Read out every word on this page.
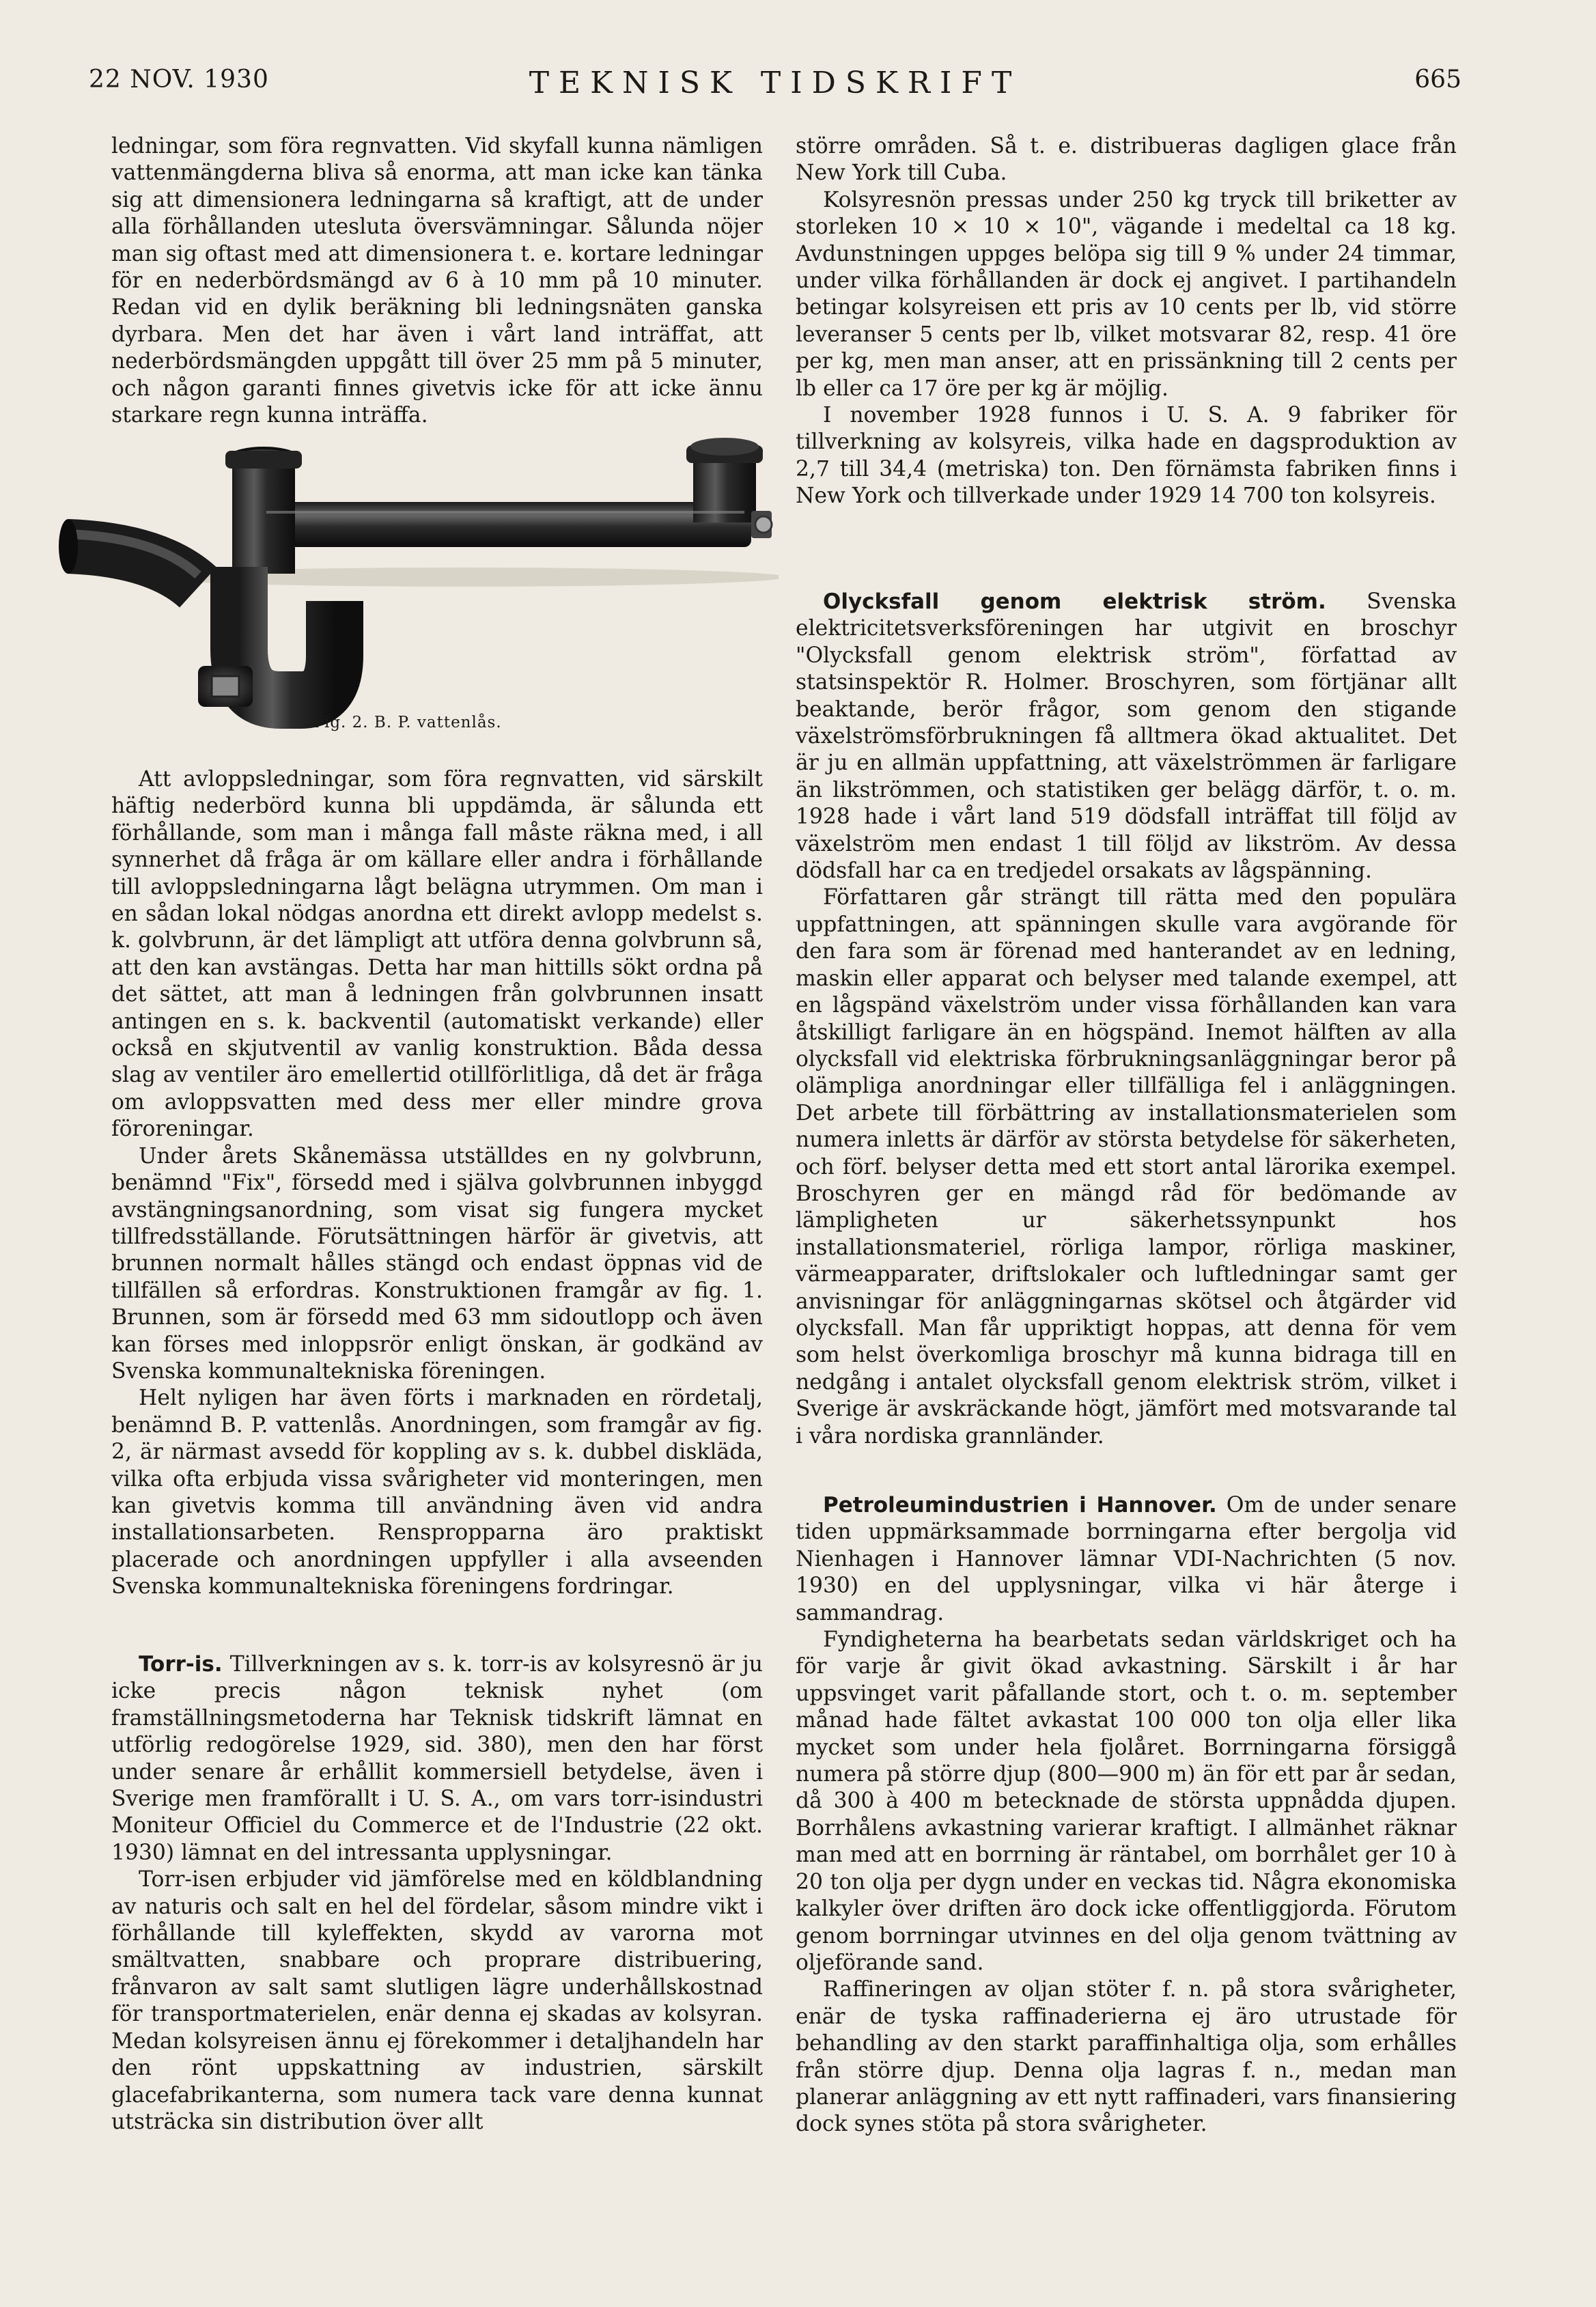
22 NOV. 1930	TEKNISK TIDSKRIFT	665

ledningar, som föra regnvatten. Vid skyfall kunna nämligen vattenmängderna bliva så enorma, att man icke kan tänka sig att dimensionera ledningarna så kraftigt, att de under alla förhållanden utesluta översvämningar. Sålunda nöjer man sig oftast med att dimensionera t. e. kortare ledningar för en nederbördsmängd av 6 à 10 mm på 10 minuter. Redan vid en dylik beräkning bli ledningsnäten ganska dyrbara. Men det har även i vårt land inträffat, att nederbördsmängden uppgått till över 25 mm på 5 minuter, och någon garanti finnes givetvis icke för att icke ännu starkare regn kunna inträffa.

Fig. 2. B. P. vattenlås.

Att avloppsledningar, som föra regnvatten, vid särskilt häftig nederbörd kunna bli uppdämda, är sålunda ett förhållande, som man i många fall måste räkna med, i all synnerhet då fråga är om källare eller andra i förhållande till avloppsledningarna lågt belägna utrymmen. Om man i en sådan lokal nödgas anordna ett direkt avlopp medelst s. k. golvbrunn, är det lämpligt att utföra denna golvbrunn så, att den kan avstängas. Detta har man hittills sökt ordna på det sättet, att man å ledningen från golvbrunnen insatt antingen en s. k. backventil (automatiskt verkande) eller också en skjutventil av vanlig konstruktion. Båda dessa slag av ventiler äro emellertid otillförlitliga, då det är fråga om avloppsvatten med dess mer eller mindre grova föroreningar.

Under årets Skånemässa utställdes en ny golvbrunn, benämnd "Fix", försedd med i själva golvbrunnen inbyggd avstängningsanordning, som visat sig fungera mycket tillfredsställande. Förutsättningen härför är givetvis, att brunnen normalt hålles stängd och endast öppnas vid de tillfällen så erfordras. Konstruktionen framgår av fig. 1. Brunnen, som är försedd med 63 mm sidoutlopp och även kan förses med inloppsrör enligt önskan, är godkänd av Svenska kommunaltekniska föreningen.

Helt nyligen har även förts i marknaden en rördetalj, benämnd B. P. vattenlås. Anordningen, som framgår av fig. 2, är närmast avsedd för koppling av s. k. dubbel diskläda, vilka ofta erbjuda vissa svårigheter vid monteringen, men kan givetvis komma till användning även vid andra installationsarbeten. Renspropparna äro praktiskt placerade och anordningen uppfyller i alla avseenden Svenska kommunaltekniska föreningens fordringar.

Torr-is. Tillverkningen av s. k. torr-is av kolsyresnö är ju icke precis någon teknisk nyhet (om framställningsmetoderna har Teknisk tidskrift lämnat en utförlig redogörelse 1929, sid. 380), men den har först under senare år erhållit kommersiell betydelse, även i Sverige men framförallt i U. S. A., om vars torr-isindustri Moniteur Officiel du Commerce et de l'Industrie (22 okt. 1930) lämnat en del intressanta upplysningar.

Torr-isen erbjuder vid jämförelse med en köldblandning av naturis och salt en hel del fördelar, såsom mindre vikt i förhållande till kyleffekten, skydd av varorna mot smältvatten, snabbare och proprare distribuering, frånvaron av salt samt slutligen lägre underhållskostnad för transportmaterielen, enär denna ej skadas av kolsyran. Medan kolsyreisen ännu ej förekommer i detaljhandeln har den rönt uppskattning av industrien, särskilt glacefabrikanterna, som numera tack vare denna kunnat utsträcka sin distribution över allt

större områden. Så t. e. distribueras dagligen glace från New York till Cuba.

Kolsyresnön pressas under 250 kg tryck till briketter av storleken 10 × 10 × 10", vägande i medeltal ca 18 kg. Avdunstningen uppges belöpa sig till 9 % under 24 timmar, under vilka förhållanden är dock ej angivet. I partihandeln betingar kolsyreisen ett pris av 10 cents per lb, vid större leveranser 5 cents per lb, vilket motsvarar 82, resp. 41 öre per kg, men man anser, att en prissänkning till 2 cents per lb eller ca 17 öre per kg är möjlig.

I november 1928 funnos i U. S. A. 9 fabriker för tillverkning av kolsyreis, vilka hade en dagsproduktion av 2,7 till 34,4 (metriska) ton. Den förnämsta fabriken finns i New York och tillverkade under 1929 14 700 ton kolsyreis.

Olycksfall genom elektrisk ström. Svenska elektricitetsverksföreningen har utgivit en broschyr "Olycksfall genom elektrisk ström", författad av statsinspektör R. Holmer. Broschyren, som förtjänar allt beaktande, berör frågor, som genom den stigande växelströmsförbrukningen få alltmera ökad aktualitet. Det är ju en allmän uppfattning, att växelströmmen är farligare än likströmmen, och statistiken ger belägg därför, t. o. m. 1928 hade i vårt land 519 dödsfall inträffat till följd av växelström men endast 1 till följd av likström. Av dessa dödsfall har ca en tredjedel orsakats av lågspänning.

Författaren går strängt till rätta med den populära uppfattningen, att spänningen skulle vara avgörande för den fara som är förenad med hanterandet av en ledning, maskin eller apparat och belyser med talande exempel, att en lågspänd växelström under vissa förhållanden kan vara åtskilligt farligare än en högspänd. Inemot hälften av alla olycksfall vid elektriska förbrukningsanläggningar beror på olämpliga anordningar eller tillfälliga fel i anläggningen. Det arbete till förbättring av installationsmaterielen som numera inletts är därför av största betydelse för säkerheten, och förf. belyser detta med ett stort antal lärorika exempel. Broschyren ger en mängd råd för bedömande av lämpligheten ur säkerhetssynpunkt hos installationsmateriel, rörliga lampor, rörliga maskiner, värmeapparater, driftslokaler och luftledningar samt ger anvisningar för anläggningarnas skötsel och åtgärder vid olycksfall. Man får uppriktigt hoppas, att denna för vem som helst överkomliga broschyr må kunna bidraga till en nedgång i antalet olycksfall genom elektrisk ström, vilket i Sverige är avskräckande högt, jämfört med motsvarande tal i våra nordiska grannländer.

Petroleumindustrien i Hannover. Om de under senare tiden uppmärksammade borrningarna efter bergolja vid Nienhagen i Hannover lämnar VDI-Nachrichten (5 nov. 1930) en del upplysningar, vilka vi här återge i sammandrag.

Fyndigheterna ha bearbetats sedan världskriget och ha för varje år givit ökad avkastning. Särskilt i år har uppsvinget varit påfallande stort, och t. o. m. september månad hade fältet avkastat 100 000 ton olja eller lika mycket som under hela fjolåret. Borrningarna försiggå numera på större djup (800—900 m) än för ett par år sedan, då 300 à 400 m betecknade de största uppnådda djupen. Borrhålens avkastning varierar kraftigt. I allmänhet räknar man med att en borrning är räntabel, om borrhålet ger 10 à 20 ton olja per dygn under en veckas tid. Några ekonomiska kalkyler över driften äro dock icke offentliggjorda. Förutom genom borrningar utvinnes en del olja genom tvättning av oljeförande sand.

Raffineringen av oljan stöter f. n. på stora svårigheter, enär de tyska raffinaderierna ej äro utrustade för behandling av den starkt paraffinhaltiga olja, som erhålles från större djup. Denna olja lagras f. n., medan man planerar anläggning av ett nytt raffinaderi, vars finansiering dock synes stöta på stora svårigheter.
